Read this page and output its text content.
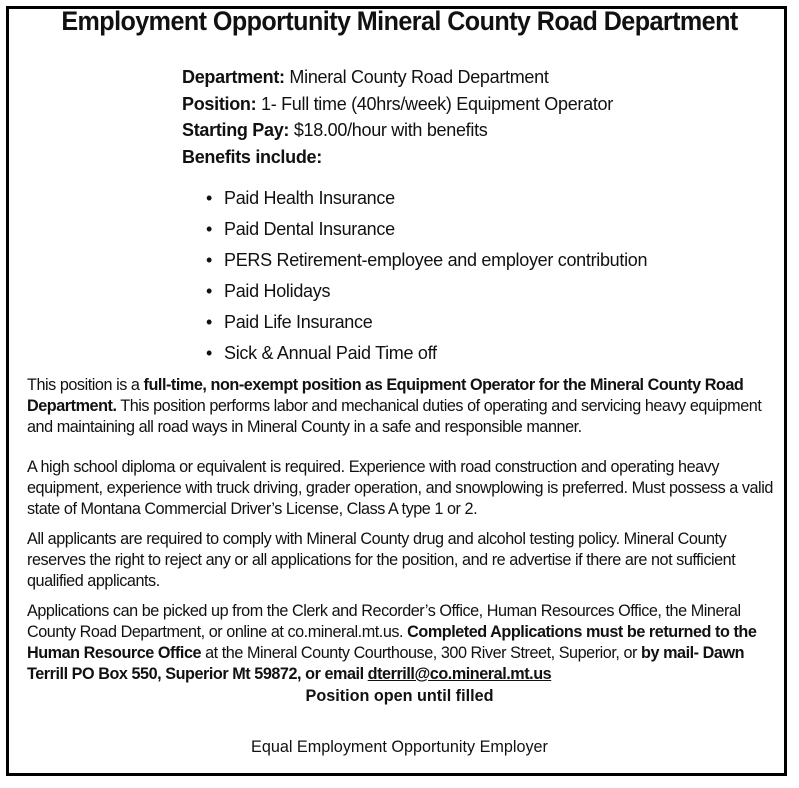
Employment Opportunity Mineral County Road Department
Department: Mineral County Road Department
Position: 1- Full time (40hrs/week) Equipment Operator
Starting Pay: $18.00/hour with benefits
Benefits include:
• Paid Health Insurance
• Paid Dental Insurance
• PERS Retirement-employee and employer contribution
• Paid Holidays
• Paid Life Insurance
• Sick & Annual Paid Time off

This position is a full-time, non-exempt position as Equipment Operator for the Mineral County Road Department. This position performs labor and mechanical duties of operating and servicing heavy equipment and maintaining all road ways in Mineral County in a safe and responsible manner.

A high school diploma or equivalent is required. Experience with road construction and operating heavy equipment, experience with truck driving, grader operation, and snowplowing is preferred. Must possess a valid state of Montana Commercial Driver’s License, Class A type 1 or 2.

All applicants are required to comply with Mineral County drug and alcohol testing policy. Mineral County reserves the right to reject any or all applications for the position, and re advertise if there are not sufficient qualified applicants.

Applications can be picked up from the Clerk and Recorder’s Office, Human Resources Office, the Mineral County Road Department, or online at co.mineral.mt.us. Completed Applications must be returned to the Human Resource Office at the Mineral County Courthouse, 300 River Street, Superior, or by mail- Dawn Terrill PO Box 550, Superior Mt 59872, or email dterrill@co.mineral.mt.us

Position open until filled
Equal Employment Opportunity Employer
